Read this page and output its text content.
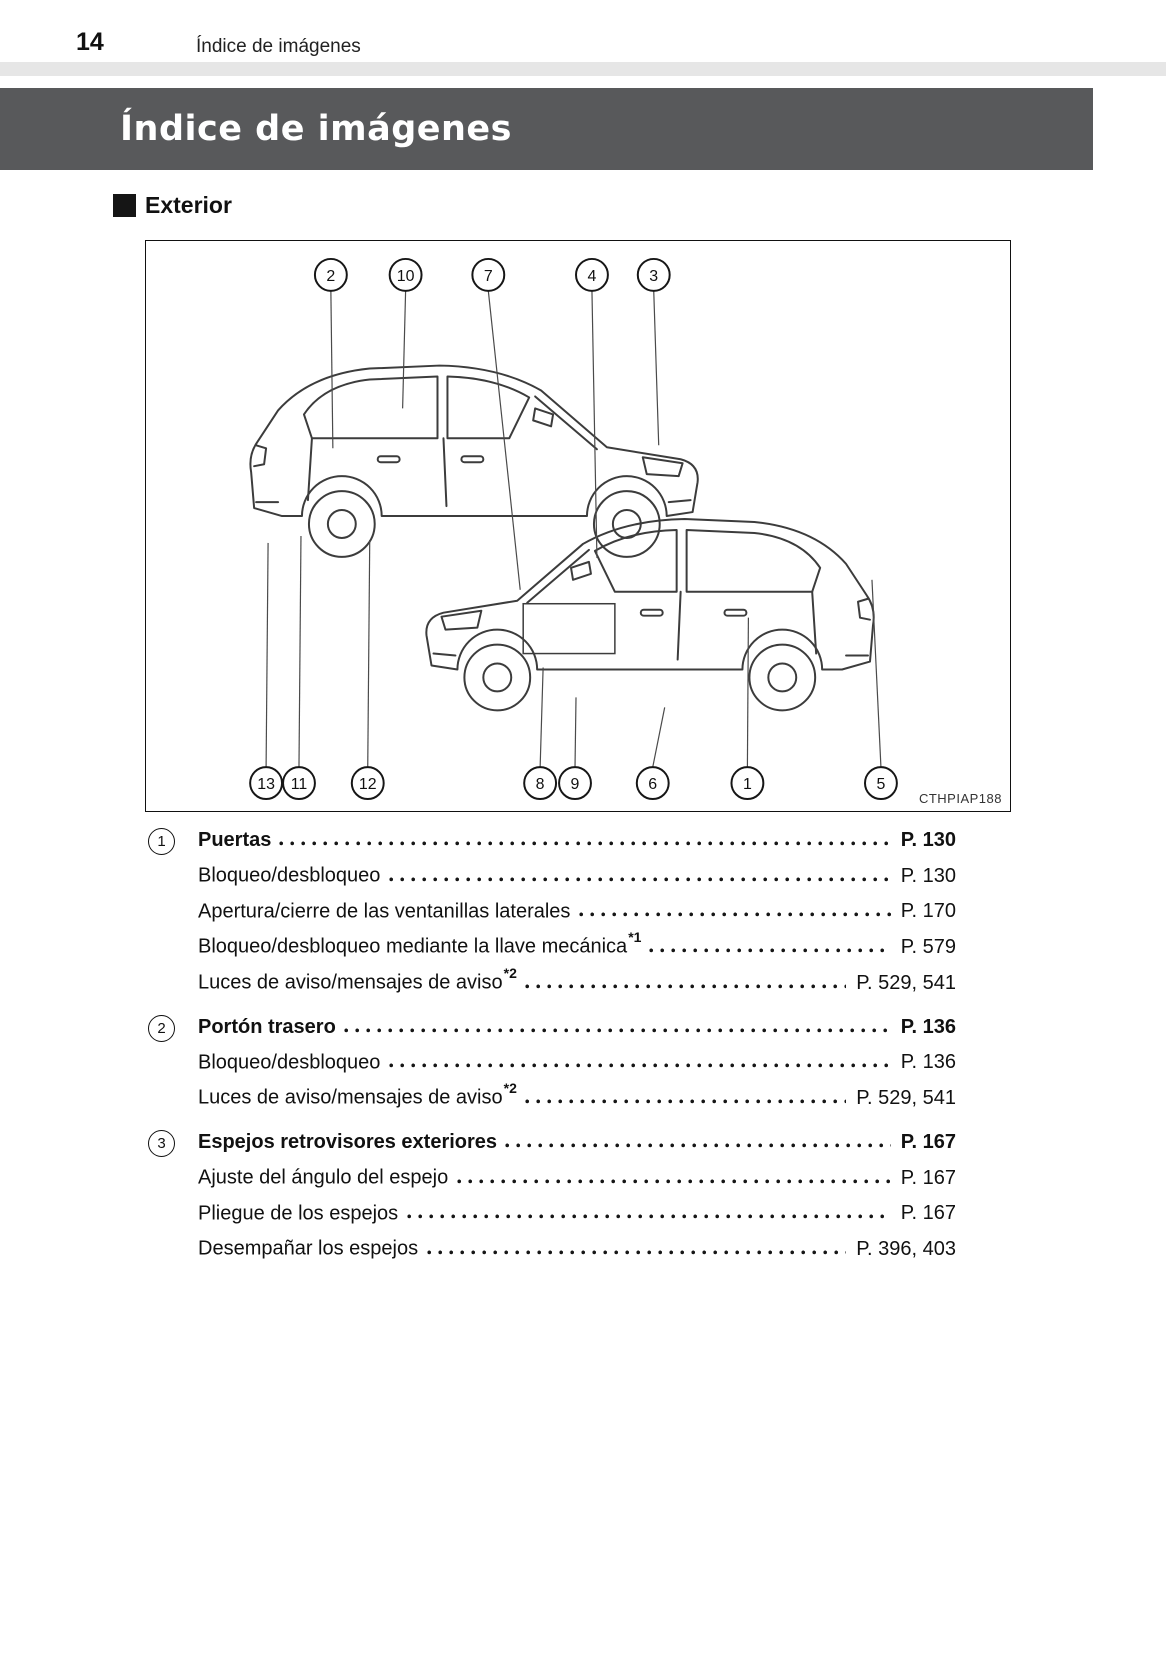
14	Índice de imágenes
Índice de imágenes
Exterior
2	10	7	4	3
13 11	12	8 9	6	1	5
CTHPIAP188
1 Puertas	P. 130
Bloqueo/desbloqueo	P. 130
Apertura/cierre de las ventanillas laterales	P. 170
Bloqueo/desbloqueo mediante la llave mecánica$^{*1}$	P. 579
Luces de aviso/mensajes de aviso$^{*2}$	P. 529, 541
2 Portón trasero	P. 136
Bloqueo/desbloqueo	P. 136
Luces de aviso/mensajes de aviso$^{*2}$	P. 529, 541
3 Espejos retrovisores exteriores	P. 167
Ajuste del ángulo del espejo	P. 167
Pliegue de los espejos	P. 167
Desempañar los espejos	P. 396, 403
